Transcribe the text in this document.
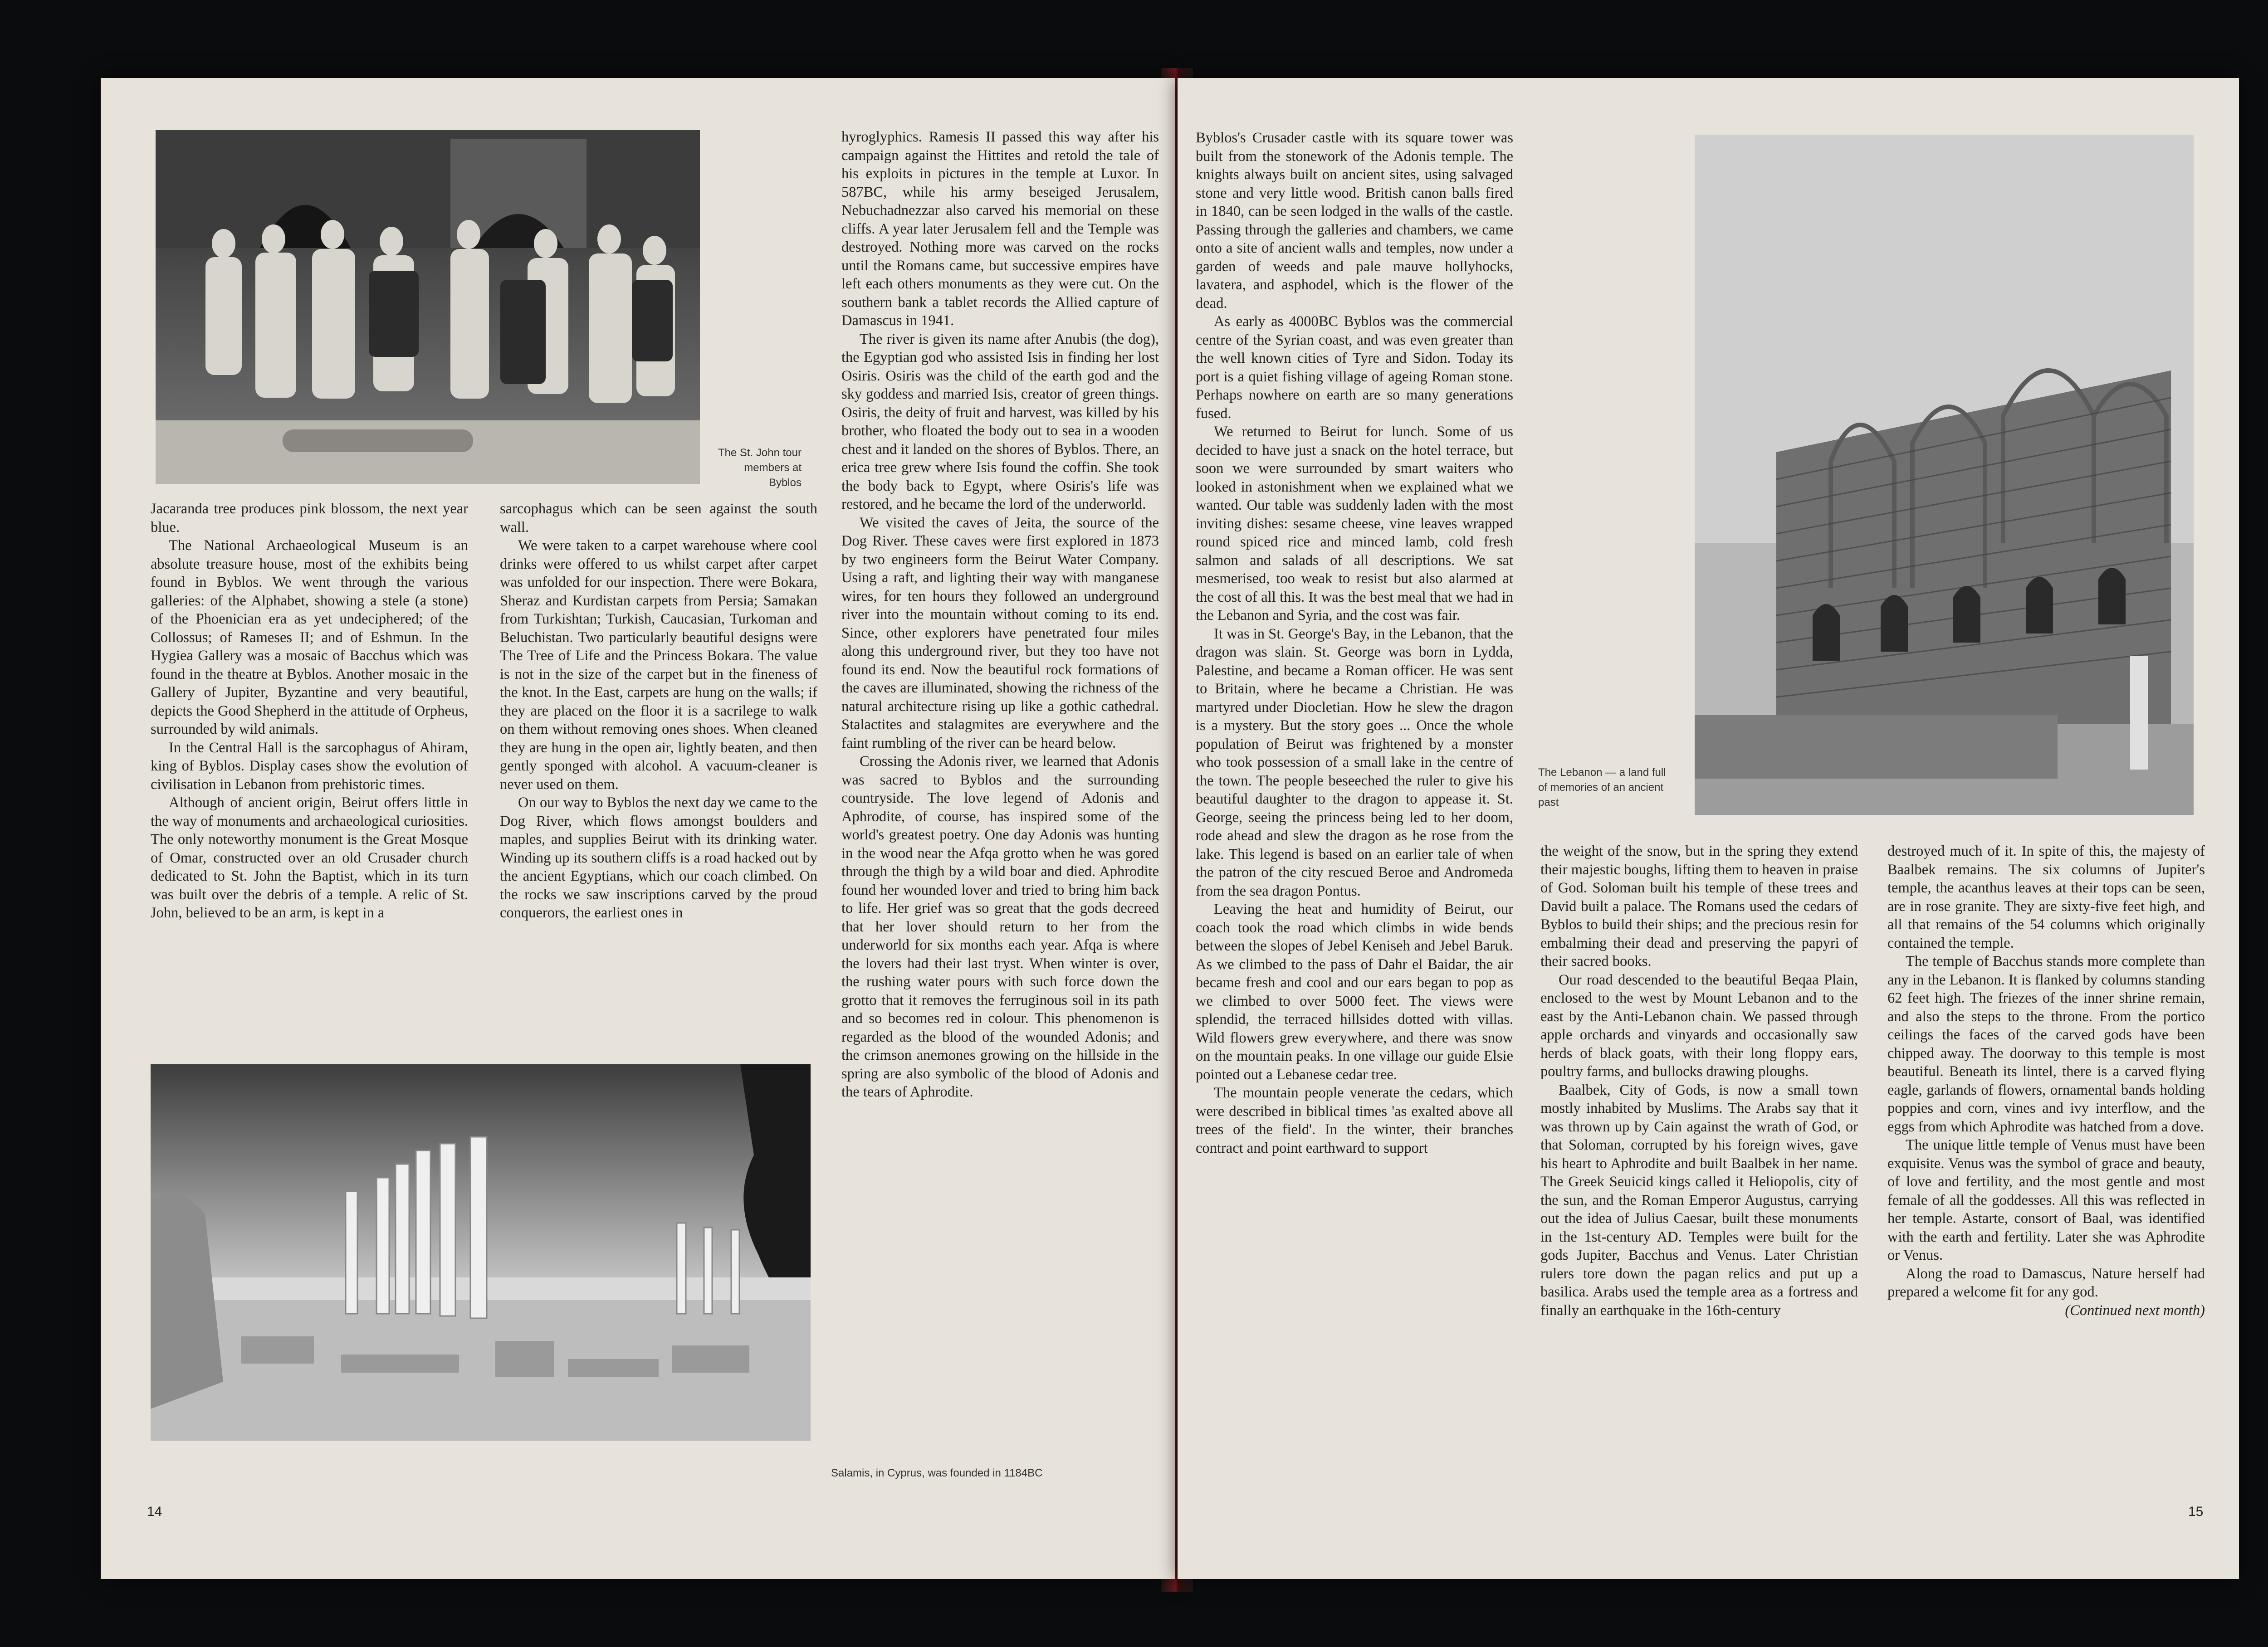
The St. John tour members at Byblos

Jacaranda tree produces pink blossom, the next year blue.

The National Archaeological Museum is an absolute treasure house, most of the exhibits being found in Byblos. We went through the various galleries: of the Alphabet, showing a stele (a stone) of the Phoenician era as yet undeciphered; of the Collossus; of Rameses II; and of Eshmun. In the Hygiea Gallery was a mosaic of Bacchus which was found in the theatre at Byblos. Another mosaic in the Gallery of Jupiter, Byzantine and very beautiful, depicts the Good Shepherd in the attitude of Orpheus, surrounded by wild animals.

In the Central Hall is the sarcophagus of Ahiram, king of Byblos. Display cases show the evolution of civilisation in Lebanon from prehistoric times.

Although of ancient origin, Beirut offers little in the way of monuments and archaeological curiosities. The only noteworthy monument is the Great Mosque of Omar, constructed over an old Crusader church dedicated to St. John the Baptist, which in its turn was built over the debris of a temple. A relic of St. John, believed to be an arm, is kept in a

sarcophagus which can be seen against the south wall.

We were taken to a carpet warehouse where cool drinks were offered to us whilst carpet after carpet was unfolded for our inspection. There were Bokara, Sheraz and Kurdistan carpets from Persia; Samakan from Turkishtan; Turkish, Caucasian, Turkoman and Beluchistan. Two particularly beautiful designs were The Tree of Life and the Princess Bokara. The value is not in the size of the carpet but in the fineness of the knot. In the East, carpets are hung on the walls; if they are placed on the floor it is a sacrilege to walk on them without removing ones shoes. When cleaned they are hung in the open air, lightly beaten, and then gently sponged with alcohol. A vacuum-cleaner is never used on them.

On our way to Byblos the next day we came to the Dog River, which flows amongst boulders and maples, and supplies Beirut with its drinking water. Winding up its southern cliffs is a road hacked out by the ancient Egyptians, which our coach climbed. On the rocks we saw inscriptions carved by the proud conquerors, the earliest ones in

hyroglyphics. Ramesis II passed this way after his campaign against the Hittites and retold the tale of his exploits in pictures in the temple at Luxor. In 587BC, while his army beseiged Jerusalem, Nebuchadnezzar also carved his memorial on these cliffs. A year later Jerusalem fell and the Temple was destroyed. Nothing more was carved on the rocks until the Romans came, but successive empires have left each others monuments as they were cut. On the southern bank a tablet records the Allied capture of Damascus in 1941.

The river is given its name after Anubis (the dog), the Egyptian god who assisted Isis in finding her lost Osiris. Osiris was the child of the earth god and the sky goddess and married Isis, creator of green things. Osiris, the deity of fruit and harvest, was killed by his brother, who floated the body out to sea in a wooden chest and it landed on the shores of Byblos. There, an erica tree grew where Isis found the coffin. She took the body back to Egypt, where Osiris's life was restored, and he became the lord of the underworld.

We visited the caves of Jeita, the source of the Dog River. These caves were first explored in 1873 by two engineers form the Beirut Water Company. Using a raft, and lighting their way with manganese wires, for ten hours they followed an underground river into the mountain without coming to its end. Since, other explorers have penetrated four miles along this underground river, but they too have not found its end. Now the beautiful rock formations of the caves are illuminated, showing the richness of the natural architecture rising up like a gothic cathedral. Stalactites and stalagmites are everywhere and the faint rumbling of the river can be heard below.

Crossing the Adonis river, we learned that Adonis was sacred to Byblos and the surrounding countryside. The love legend of Adonis and Aphrodite, of course, has inspired some of the world's greatest poetry. One day Adonis was hunting in the wood near the Afqa grotto when he was gored through the thigh by a wild boar and died. Aphrodite found her wounded lover and tried to bring him back to life. Her grief was so great that the gods decreed that her lover should return to her from the underworld for six months each year. Afqa is where the lovers had their last tryst. When winter is over, the rushing water pours with such force down the grotto that it removes the ferruginous soil in its path and so becomes red in colour. This phenomenon is regarded as the blood of the wounded Adonis; and the crimson anemones growing on the hillside in the spring are also symbolic of the blood of Adonis and the tears of Aphrodite.

Salamis, in Cyprus, was founded in 1184BC
14

Byblos's Crusader castle with its square tower was built from the stonework of the Adonis temple. The knights always built on ancient sites, using salvaged stone and very little wood. British canon balls fired in 1840, can be seen lodged in the walls of the castle. Passing through the galleries and chambers, we came onto a site of ancient walls and temples, now under a garden of weeds and pale mauve hollyhocks, lavatera, and asphodel, which is the flower of the dead.

As early as 4000BC Byblos was the commercial centre of the Syrian coast, and was even greater than the well known cities of Tyre and Sidon. Today its port is a quiet fishing village of ageing Roman stone. Perhaps nowhere on earth are so many generations fused.

We returned to Beirut for lunch. Some of us decided to have just a snack on the hotel terrace, but soon we were surrounded by smart waiters who looked in astonishment when we explained what we wanted. Our table was suddenly laden with the most inviting dishes: sesame cheese, vine leaves wrapped round spiced rice and minced lamb, cold fresh salmon and salads of all descriptions. We sat mesmerised, too weak to resist but also alarmed at the cost of all this. It was the best meal that we had in the Lebanon and Syria, and the cost was fair.

It was in St. George's Bay, in the Lebanon, that the dragon was slain. St. George was born in Lydda, Palestine, and became a Roman officer. He was sent to Britain, where he became a Christian. He was martyred under Diocletian. How he slew the dragon is a mystery. But the story goes ... Once the whole population of Beirut was frightened by a monster who took possession of a small lake in the centre of the town. The people beseeched the ruler to give his beautiful daughter to the dragon to appease it. St. George, seeing the princess being led to her doom, rode ahead and slew the dragon as he rose from the lake. This legend is based on an earlier tale of when the patron of the city rescued Beroe and Andromeda from the sea dragon Pontus.

Leaving the heat and humidity of Beirut, our coach took the road which climbs in wide bends between the slopes of Jebel Keniseh and Jebel Baruk. As we climbed to the pass of Dahr el Baidar, the air became fresh and cool and our ears began to pop as we climbed to over 5000 feet. The views were splendid, the terraced hillsides dotted with villas. Wild flowers grew everywhere, and there was snow on the mountain peaks. In one village our guide Elsie pointed out a Lebanese cedar tree.

The mountain people venerate the cedars, which were described in biblical times 'as exalted above all trees of the field'. In the winter, their branches contract and point earthward to support

The Lebanon — a land full of memories of an ancient past

the weight of the snow, but in the spring they extend their majestic boughs, lifting them to heaven in praise of God. Soloman built his temple of these trees and David built a palace. The Romans used the cedars of Byblos to build their ships; and the precious resin for embalming their dead and preserving the papyri of their sacred books.

Our road descended to the beautiful Beqaa Plain, enclosed to the west by Mount Lebanon and to the east by the Anti-Lebanon chain. We passed through apple orchards and vinyards and occasionally saw herds of black goats, with their long floppy ears, poultry farms, and bullocks drawing ploughs.

Baalbek, City of Gods, is now a small town mostly inhabited by Muslims. The Arabs say that it was thrown up by Cain against the wrath of God, or that Soloman, corrupted by his foreign wives, gave his heart to Aphrodite and built Baalbek in her name. The Greek Seuicid kings called it Heliopolis, city of the sun, and the Roman Emperor Augustus, carrying out the idea of Julius Caesar, built these monuments in the 1st-century AD. Temples were built for the gods Jupiter, Bacchus and Venus. Later Christian rulers tore down the pagan relics and put up a basilica. Arabs used the temple area as a fortress and finally an earthquake in the 16th-century

destroyed much of it. In spite of this, the majesty of Baalbek remains. The six columns of Jupiter's temple, the acanthus leaves at their tops can be seen, are in rose granite. They are sixty-five feet high, and all that remains of the 54 columns which originally contained the temple.

The temple of Bacchus stands more complete than any in the Lebanon. It is flanked by columns standing 62 feet high. The friezes of the inner shrine remain, and also the steps to the throne. From the portico ceilings the faces of the carved gods have been chipped away. The doorway to this temple is most beautiful. Beneath its lintel, there is a carved flying eagle, garlands of flowers, ornamental bands holding poppies and corn, vines and ivy interflow, and the eggs from which Aphrodite was hatched from a dove.

The unique little temple of Venus must have been exquisite. Venus was the symbol of grace and beauty, of love and fertility, and the most gentle and most female of all the goddesses. All this was reflected in her temple. Astarte, consort of Baal, was identified with the earth and fertility. Later she was Aphrodite or Venus.

Along the road to Damascus, Nature herself had prepared a welcome fit for any god.

(Continued next month)
15
